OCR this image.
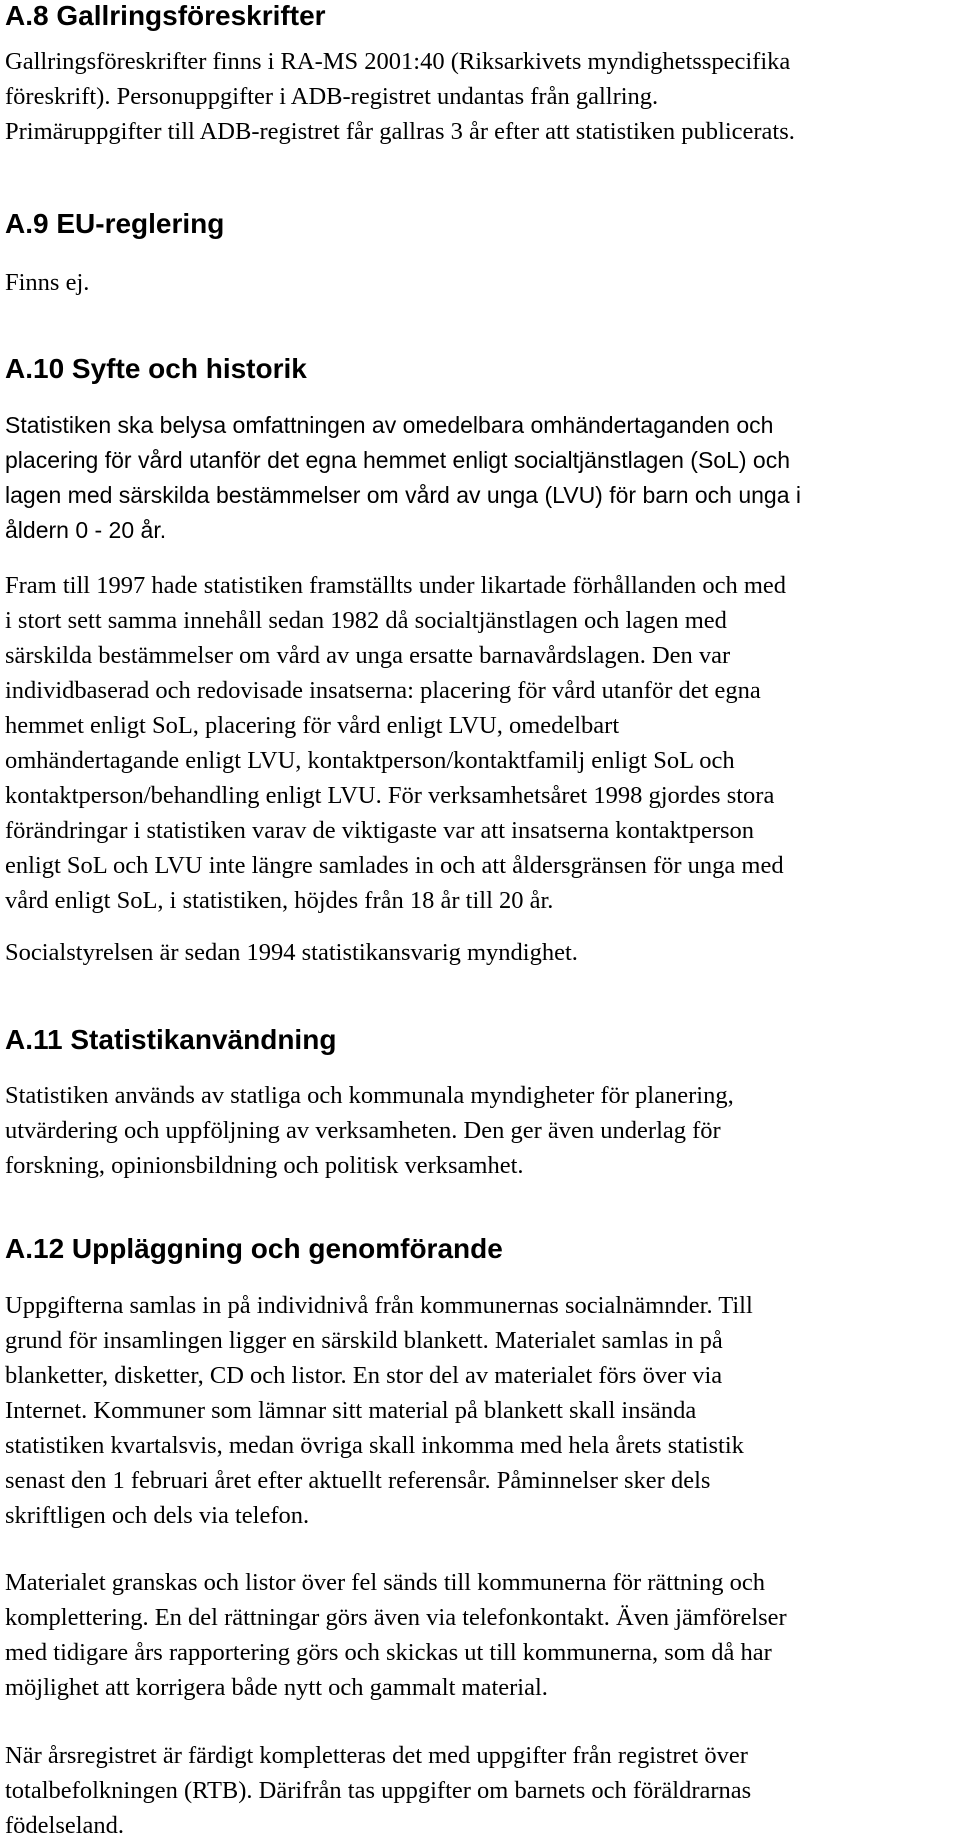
A.8 Gallringsföreskrifter

Gallringsföreskrifter finns i RA-MS 2001:40 (Riksarkivets myndighetsspecifika
föreskrift). Personuppgifter i ADB-registret undantas från gallring.
Primäruppgifter till ADB-registret får gallras 3 år efter att statistiken publicerats.

A.9 EU-reglering

Finns ej.

A.10 Syfte och historik

Statistiken ska belysa omfattningen av omedelbara omhändertaganden och
placering för vård utanför det egna hemmet enligt socialtjänstlagen (SoL) och
lagen med särskilda bestämmelser om vård av unga (LVU) för barn och unga i
åldern 0 - 20 år.

Fram till 1997 hade statistiken framställts under likartade förhållanden och med
i stort sett samma innehåll sedan 1982 då socialtjänstlagen och lagen med
särskilda bestämmelser om vård av unga ersatte barnavårdslagen. Den var
individbaserad och redovisade insatserna: placering för vård utanför det egna
hemmet enligt SoL, placering för vård enligt LVU, omedelbart
omhändertagande enligt LVU, kontaktperson/kontaktfamilj enligt SoL och
kontaktperson/behandling enligt LVU. För verksamhetsåret 1998 gjordes stora
förändringar i statistiken varav de viktigaste var att insatserna kontaktperson
enligt SoL och LVU inte längre samlades in och att åldersgränsen för unga med
vård enligt SoL, i statistiken, höjdes från 18 år till 20 år.

Socialstyrelsen är sedan 1994 statistikansvarig myndighet.

A.11 Statistikanvändning

Statistiken används av statliga och kommunala myndigheter för planering,
utvärdering och uppföljning av verksamheten. Den ger även underlag för
forskning, opinionsbildning och politisk verksamhet.

A.12 Uppläggning och genomförande

Uppgifterna samlas in på individnivå från kommunernas socialnämnder. Till
grund för insamlingen ligger en särskild blankett. Materialet samlas in på
blanketter, disketter, CD och listor. En stor del av materialet förs över via
Internet. Kommuner som lämnar sitt material på blankett skall insända
statistiken kvartalsvis, medan övriga skall inkomma med hela årets statistik
senast den 1 februari året efter aktuellt referensår. Påminnelser sker dels
skriftligen och dels via telefon.

Materialet granskas och listor över fel sänds till kommunerna för rättning och
komplettering. En del rättningar görs även via telefonkontakt. Även jämförelser
med tidigare års rapportering görs och skickas ut till kommunerna, som då har
möjlighet att korrigera både nytt och gammalt material.

När årsregistret är färdigt kompletteras det med uppgifter från registret över
totalbefolkningen (RTB). Därifrån tas uppgifter om barnets och föräldrarnas
födelseland.
